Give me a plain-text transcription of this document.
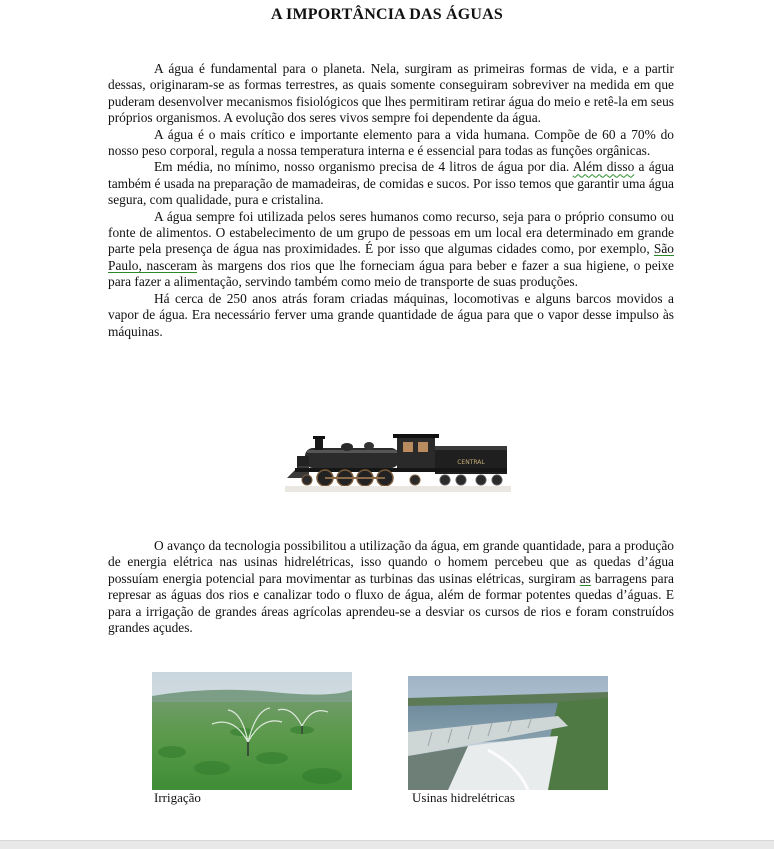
A IMPORTÂNCIA DAS ÁGUAS

A água é fundamental para o planeta. Nela, surgiram as primeiras formas de vida, e a partir dessas, originaram-se as formas terrestres, as quais somente conseguiram sobreviver na medida em que puderam desenvolver mecanismos fisiológicos que lhes permitiram retirar água do meio e retê-la em seus próprios organismos. A evolução dos seres vivos sempre foi dependente da água.

A água é o mais crítico e importante elemento para a vida humana. Compõe de 60 a 70% do nosso peso corporal, regula a nossa temperatura interna e é essencial para todas as funções orgânicas.

Em média, no mínimo, nosso organismo precisa de 4 litros de água por dia. Além disso a água também é usada na preparação de mamadeiras, de comidas e sucos. Por isso temos que garantir uma água segura, com qualidade, pura e cristalina.

A água sempre foi utilizada pelos seres humanos como recurso, seja para o próprio consumo ou fonte de alimentos. O estabelecimento de um grupo de pessoas em um local era determinado em grande parte pela presença de água nas proximidades. É por isso que algumas cidades como, por exemplo, São Paulo, nasceram às margens dos rios que lhe forneciam água para beber e fazer a sua higiene, o peixe para fazer a alimentação, servindo também como meio de transporte de suas produções.

Há cerca de 250 anos atrás foram criadas máquinas, locomotivas e alguns barcos movidos a vapor de água. Era necessário ferver uma grande quantidade de água para que o vapor desse impulso às máquinas.

CENTRAL

O avanço da tecnologia possibilitou a utilização da água, em grande quantidade, para a produção de energia elétrica nas usinas hidrelétricas, isso quando o homem percebeu que as quedas d’água possuíam energia potencial para movimentar as turbinas das usinas elétricas, surgiram as barragens para represar as águas dos rios e canalizar todo o fluxo de água, além de formar potentes quedas d’águas. E para a irrigação de grandes áreas agrícolas aprendeu-se a desviar os cursos de rios e foram construídos grandes açudes.

Irrigação	Usinas hidrelétricas
